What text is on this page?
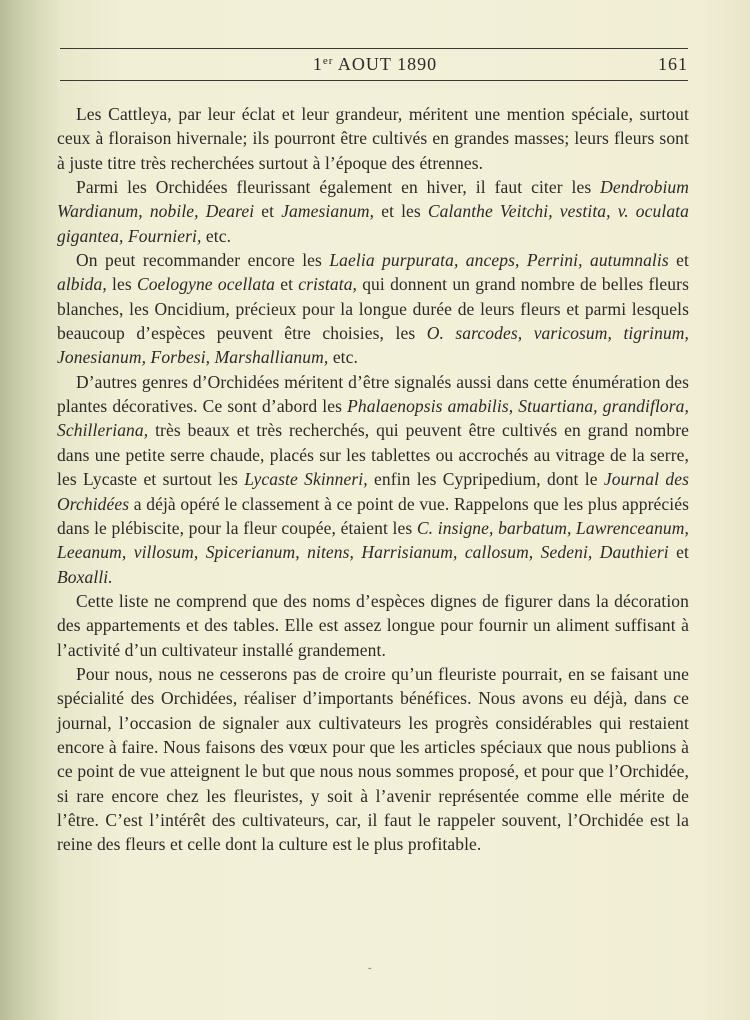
1er AOUT 1890	161

Les Cattleya, par leur éclat et leur grandeur, méritent une mention spéciale, surtout ceux à floraison hivernale; ils pourront être cultivés en grandes masses; leurs fleurs sont à juste titre très recherchées surtout à l’époque des étrennes.

Parmi les Orchidées fleurissant également en hiver, il faut citer les Dendrobium Wardianum, nobile, Dearei et Jamesianum, et les Calanthe Veitchi, vestita, v. oculata gigantea, Fournieri, etc.

On peut recommander encore les Laelia purpurata, anceps, Perrini, autumnalis et albida, les Coelogyne ocellata et cristata, qui donnent un grand nombre de belles fleurs blanches, les Oncidium, précieux pour la longue durée de leurs fleurs et parmi lesquels beaucoup d’espèces peuvent être choisies, les O. sarcodes, varicosum, tigrinum, Jonesianum, Forbesi, Marshallianum, etc.

D’autres genres d’Orchidées méritent d’être signalés aussi dans cette énumération des plantes décoratives. Ce sont d’abord les Phalaenopsis amabilis, Stuartiana, grandiflora, Schilleriana, très beaux et très recherchés, qui peuvent être cultivés en grand nombre dans une petite serre chaude, placés sur les tablettes ou accrochés au vitrage de la serre, les Lycaste et surtout les Lycaste Skinneri, enfin les Cypripedium, dont le Journal des Orchidées a déjà opéré le classement à ce point de vue. Rappelons que les plus appréciés dans le plébiscite, pour la fleur coupée, étaient les C. insigne, barbatum, Lawrenceanum, Leeanum, villosum, Spicerianum, nitens, Harrisianum, callosum, Sedeni, Dauthieri et Boxalli.

Cette liste ne comprend que des noms d’espèces dignes de figurer dans la décoration des appartements et des tables. Elle est assez longue pour fournir un aliment suffisant à l’activité d’un cultivateur installé grandement.

Pour nous, nous ne cesserons pas de croire qu’un fleuriste pourrait, en se faisant une spécialité des Orchidées, réaliser d’importants bénéfices. Nous avons eu déjà, dans ce journal, l’occasion de signaler aux cultivateurs les progrès considérables qui restaient encore à faire. Nous faisons des vœux pour que les articles spéciaux que nous publions à ce point de vue atteignent le but que nous nous sommes proposé, et pour que l’Orchidée, si rare encore chez les fleuristes, y soit à l’avenir représentée comme elle mérite de l’être. C’est l’intérêt des cultivateurs, car, il faut le rappeler souvent, l’Orchidée est la reine des fleurs et celle dont la culture est le plus profitable.

˘
